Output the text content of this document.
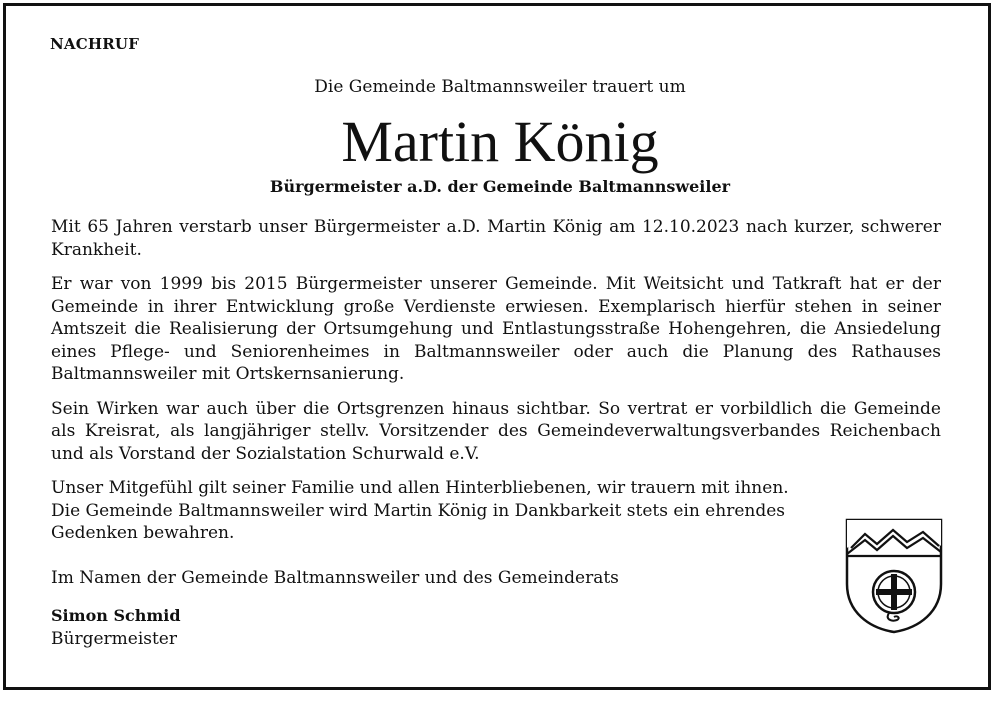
NACHRUF
Die Gemeinde Baltmannsweiler trauert um
Martin König
Bürgermeister a.D. der Gemeinde Baltmannsweiler

Mit 65 Jahren verstarb unser Bürgermeister a.D. Martin König am 12.10.2023 nach kurzer, schwerer Krankheit.

Er war von 1999 bis 2015 Bürgermeister unserer Gemeinde. Mit Weitsicht und Tatkraft hat er der Gemeinde in ihrer Entwicklung große Verdienste erwiesen. Exemplarisch hierfür stehen in seiner Amtszeit die Realisierung der Ortsumgehung und Entlastungsstraße Hohengehren, die Ansiedelung eines Pflege- und Seniorenheimes in Baltmannsweiler oder auch die Planung des Rathauses Baltmannsweiler mit Ortskernsanierung.

Sein Wirken war auch über die Ortsgrenzen hinaus sichtbar. So vertrat er vorbildlich die Gemeinde als Kreisrat, als langjähriger stellv. Vorsitzender des Gemeindeverwaltungsverbandes Reichenbach und als Vorstand der Sozialstation Schurwald e.V.

Unser Mitgefühl gilt seiner Familie und allen Hinterbliebenen, wir trauern mit ihnen. Die Gemeinde Baltmannsweiler wird Martin König in Dankbarkeit stets ein ehrendes Gedenken bewahren.

Im Namen der Gemeinde Baltmannsweiler und des Gemeinderats
Simon Schmid
Bürgermeister
